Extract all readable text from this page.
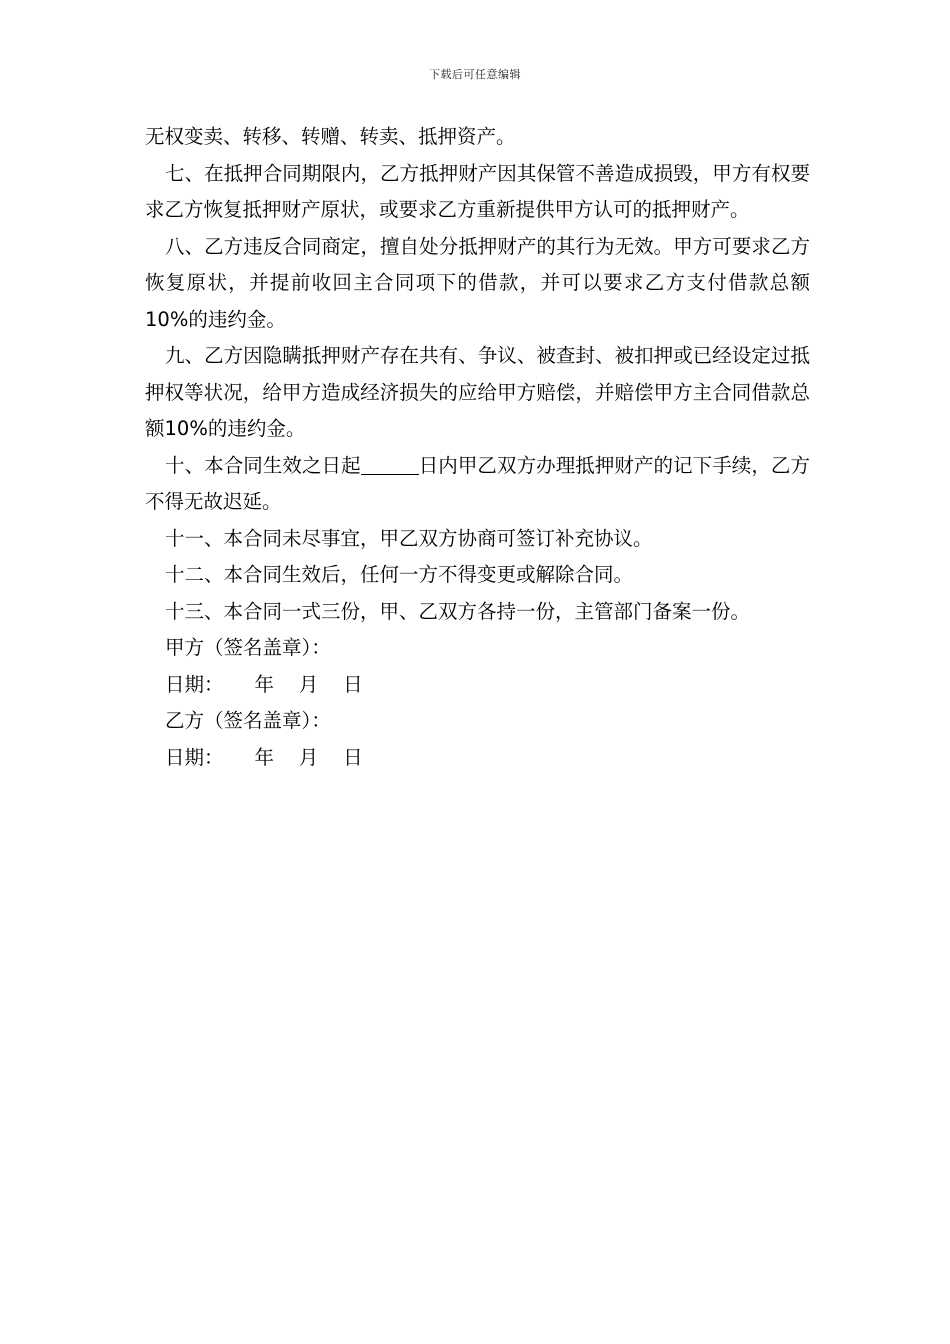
下载后可任意编辑

无权变卖、转移、转赠、转卖、抵押资产。

七、在抵押合同期限内，乙方抵押财产因其保管不善造成损毁，甲方有权要求乙方恢复抵押财产原状，或要求乙方重新提供甲方认可的抵押财产。

八、乙方违反合同商定，擅自处分抵押财产的其行为无效。甲方可要求乙方恢复原状，并提前收回主合同项下的借款，并可以要求乙方支付借款总额10%的违约金。

九、乙方因隐瞒抵押财产存在共有、争议、被查封、被扣押或已经设定过抵押权等状况，给甲方造成经济损失的应给甲方赔偿，并赔偿甲方主合同借款总额10%的违约金。

十、本合同生效之日起	日内甲乙双方办理抵押财产的记下手续，乙方不得无故迟延。

十一、本合同未尽事宜，甲乙双方协商可签订补充协议。

十二、本合同生效后，任何一方不得变更或解除合同。

十三、本合同一式三份，甲、乙双方各持一份，主管部门备案一份。

甲方（签名盖章）：

日期：     年    月    日

乙方（签名盖章）：

日期：     年    月    日
